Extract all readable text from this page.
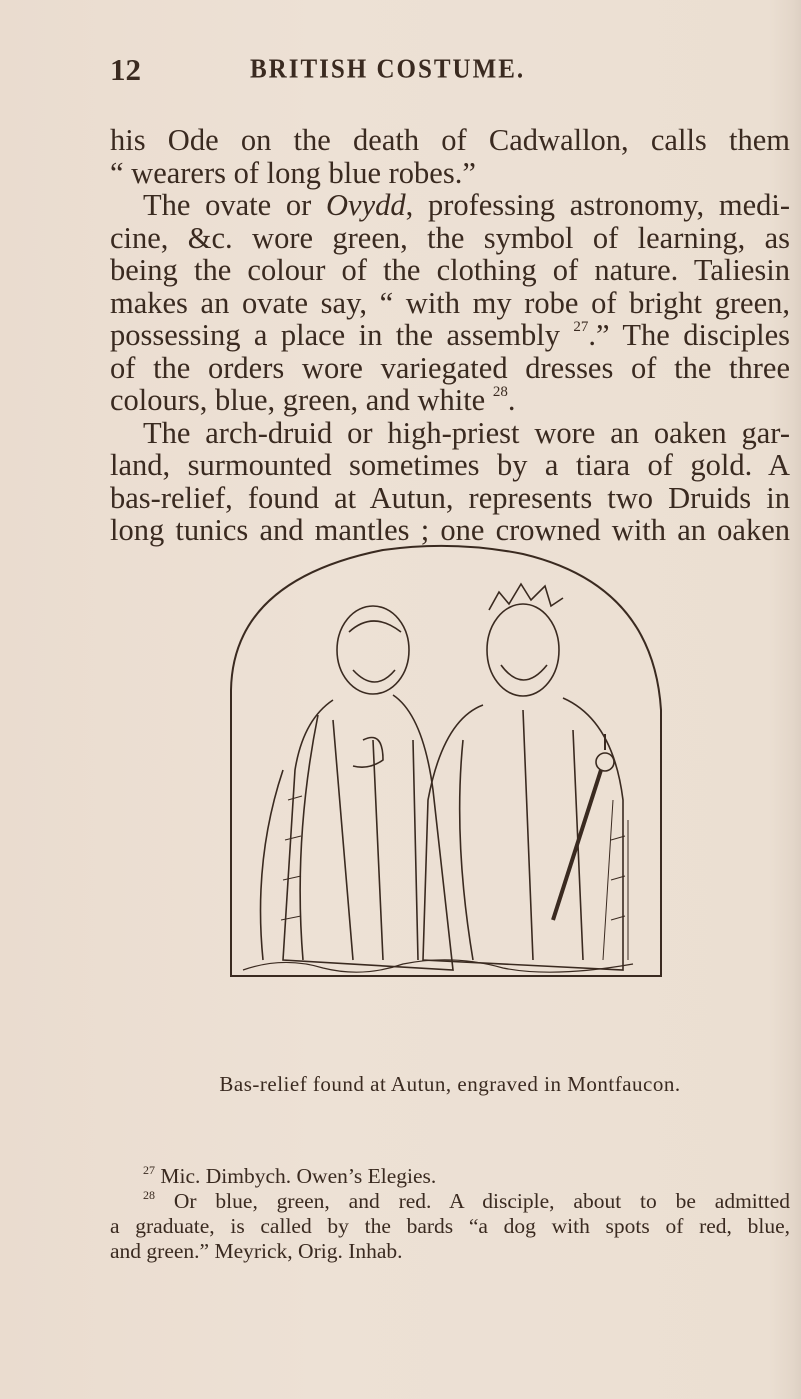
12	BRITISH COSTUME.
his Ode on the death of Cadwallon, calls them
“ wearers of long blue robes.”
The ovate or Ovydd, professing astronomy, medi-
cine, &c. wore green, the symbol of learning, as
being the colour of the clothing of nature. Taliesin
makes an ovate say, “ with my robe of bright green,
possessing a place in the assembly $^{27}$.” The disciples
of the orders wore variegated dresses of the three
colours, blue, green, and white $^{28}$.
The arch-druid or high-priest wore an oaken gar-
land, surmounted sometimes by a tiara of gold. A
bas-relief, found at Autun, represents two Druids in
long tunics and mantles ; one crowned with an oaken
Bas-relief found at Autun, engraved in Montfaucon.
$^{27}$ Mic. Dimbych. Owen’s Elegies.
$^{28}$ Or blue, green, and red. A disciple, about to be admitted
a graduate, is called by the bards “a dog with spots of red, blue,
and green.” Meyrick, Orig. Inhab.
